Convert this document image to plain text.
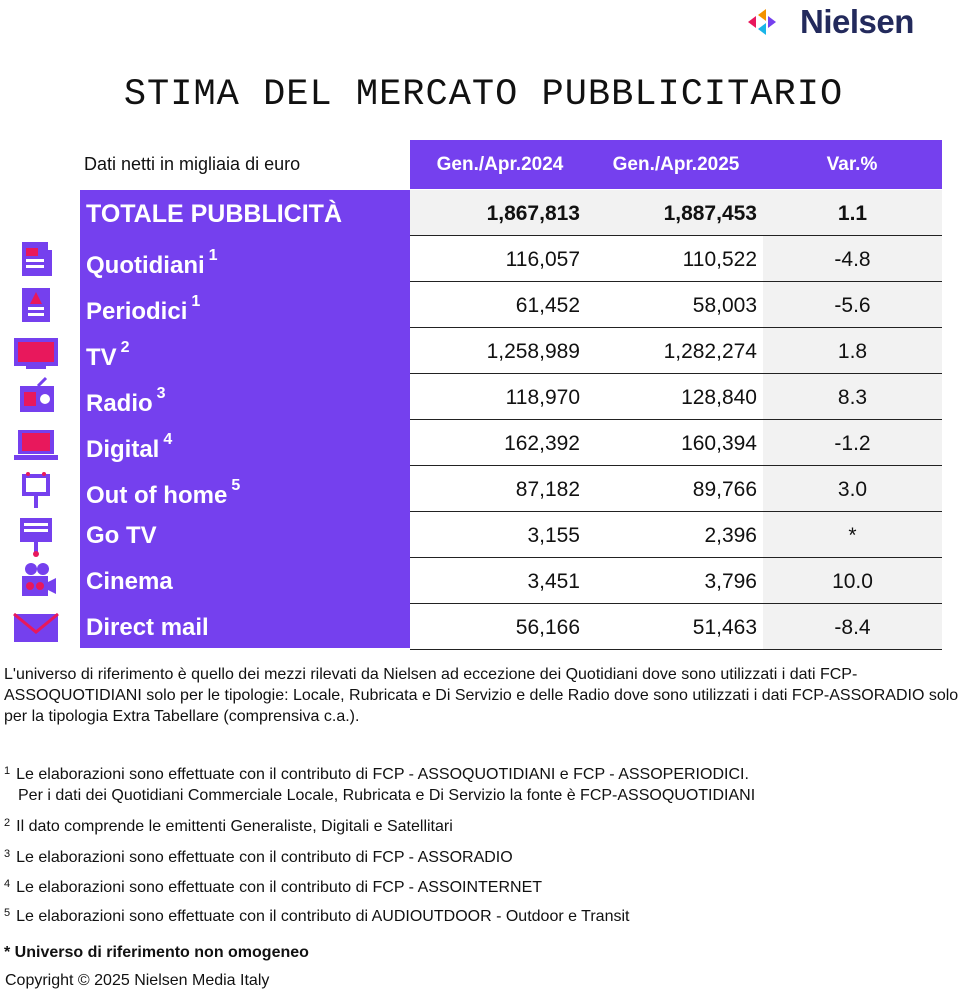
Nielsen
STIMA DEL MERCATO PUBBLICITARIO
Dati netti in migliaia di euro	Gen./Apr.2024	Gen./Apr.2025	Var.%
TOTALE PUBBLICITÀ	1,867,813	1,887,453	1.1
Quotidiani $^1$	116,057	110,522	-4.8
Periodici $^1$	61,452	58,003	-5.6
TV $^2$	1,258,989	1,282,274	1.8
Radio $^3$	118,970	128,840	8.3
Digital $^4$	162,392	160,394	-1.2
Out of home $^5$	87,182	89,766	3.0
Go TV	3,155	2,396	*
Cinema	3,451	3,796	10.0
Direct mail	56,166	51,463	-8.4
L'universo di riferimento è quello dei mezzi rilevati da Nielsen ad eccezione dei Quotidiani dove sono utilizzati i dati FCP-ASSOQUOTIDIANI solo per le tipologie: Locale, Rubricata e Di Servizio e delle Radio dove sono utilizzati i dati FCP-ASSORADIO solo per la tipologia Extra Tabellare (comprensiva c.a.).
$^1$ Le elaborazioni sono effettuate con il contributo di FCP - ASSOQUOTIDIANI e FCP - ASSOPERIODICI.
Per i dati dei Quotidiani Commerciale Locale, Rubricata e Di Servizio la fonte è FCP-ASSOQUOTIDIANI
$^2$ Il dato comprende le emittenti Generaliste, Digitali e Satellitari
$^3$ Le elaborazioni sono effettuate con il contributo di FCP - ASSORADIO
$^4$ Le elaborazioni sono effettuate con il contributo di FCP - ASSOINTERNET
$^5$ Le elaborazioni sono effettuate con il contributo di AUDIOUTDOOR - Outdoor e Transit
* Universo di riferimento non omogeneo
Copyright © 2025 Nielsen Media Italy
